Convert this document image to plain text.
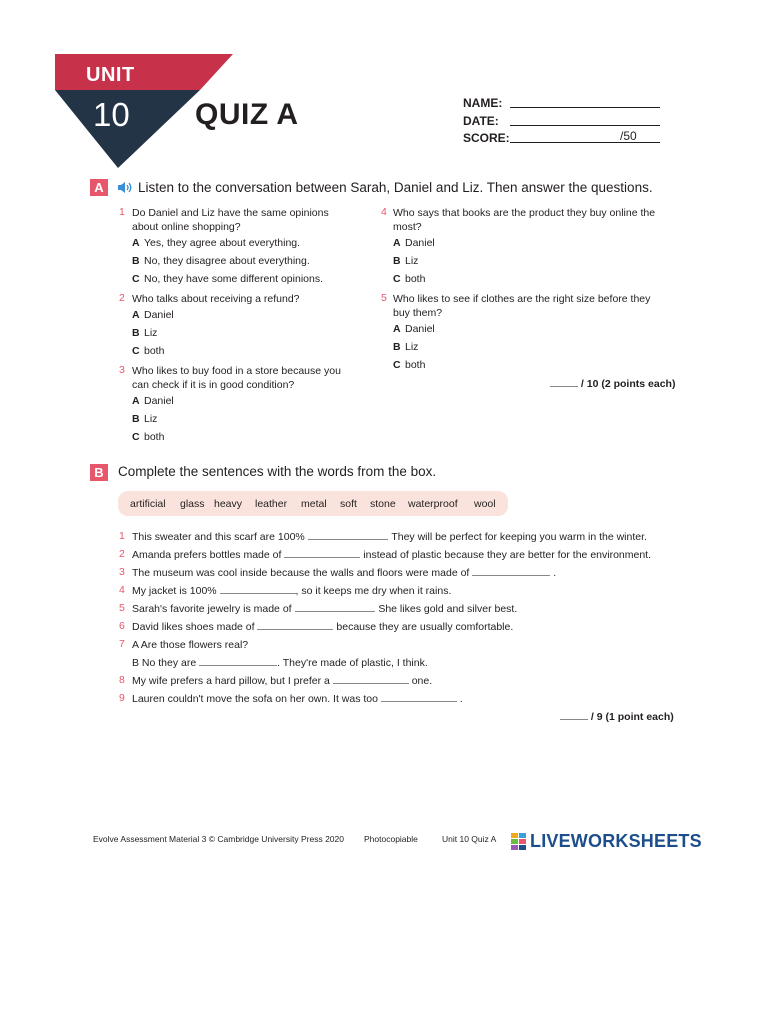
UNIT
10 QUIZ A	NAME:
DATE:
SCORE:	/50
A	Listen to the conversation between Sarah, Daniel and Liz. Then answer the questions.
1 Do Daniel and Liz have the same opinions
about online shopping?
A Yes, they agree about everything.
B No, they disagree about everything.
C No, they have some different opinions.
2 Who talks about receiving a refund?
A Daniel
B Liz
C both
3 Who likes to buy food in a store because you
can check if it is in good condition?
A Daniel
B Liz
C both
4 Who says that books are the product they buy online the
most?
A Daniel
B Liz
C both
5 Who likes to see if clothes are the right size before they
buy them?
A Daniel
B Liz
C both
/ 10 (2 points each)
B	Complete the sentences with the words from the box.
artificial glass heavy leather metal soft stone waterproof wool
1 This sweater and this scarf are 100%	. They will be perfect for keeping you warm in the winter.
2 Amanda prefers bottles made of	instead of plastic because they are better for the environment.
3 The museum was cool inside because the walls and floors were made of	.
4 My jacket is 100%	, so it keeps me dry when it rains.
5 Sarah's favorite jewelry is made of	. She likes gold and silver best.
6 David likes shoes made of	because they are usually comfortable.
7 A Are those flowers real?
B No they are	. They're made of plastic, I think.
8 My wife prefers a hard pillow, but I prefer a	one.
9 Lauren couldn't move the sofa on her own. It was too	.
/ 9 (1 point each)
Evolve Assessment Material 3 © Cambridge University Press 2020 Photocopiable	Unit 10 Quiz A LIVEWORKSHEETS
